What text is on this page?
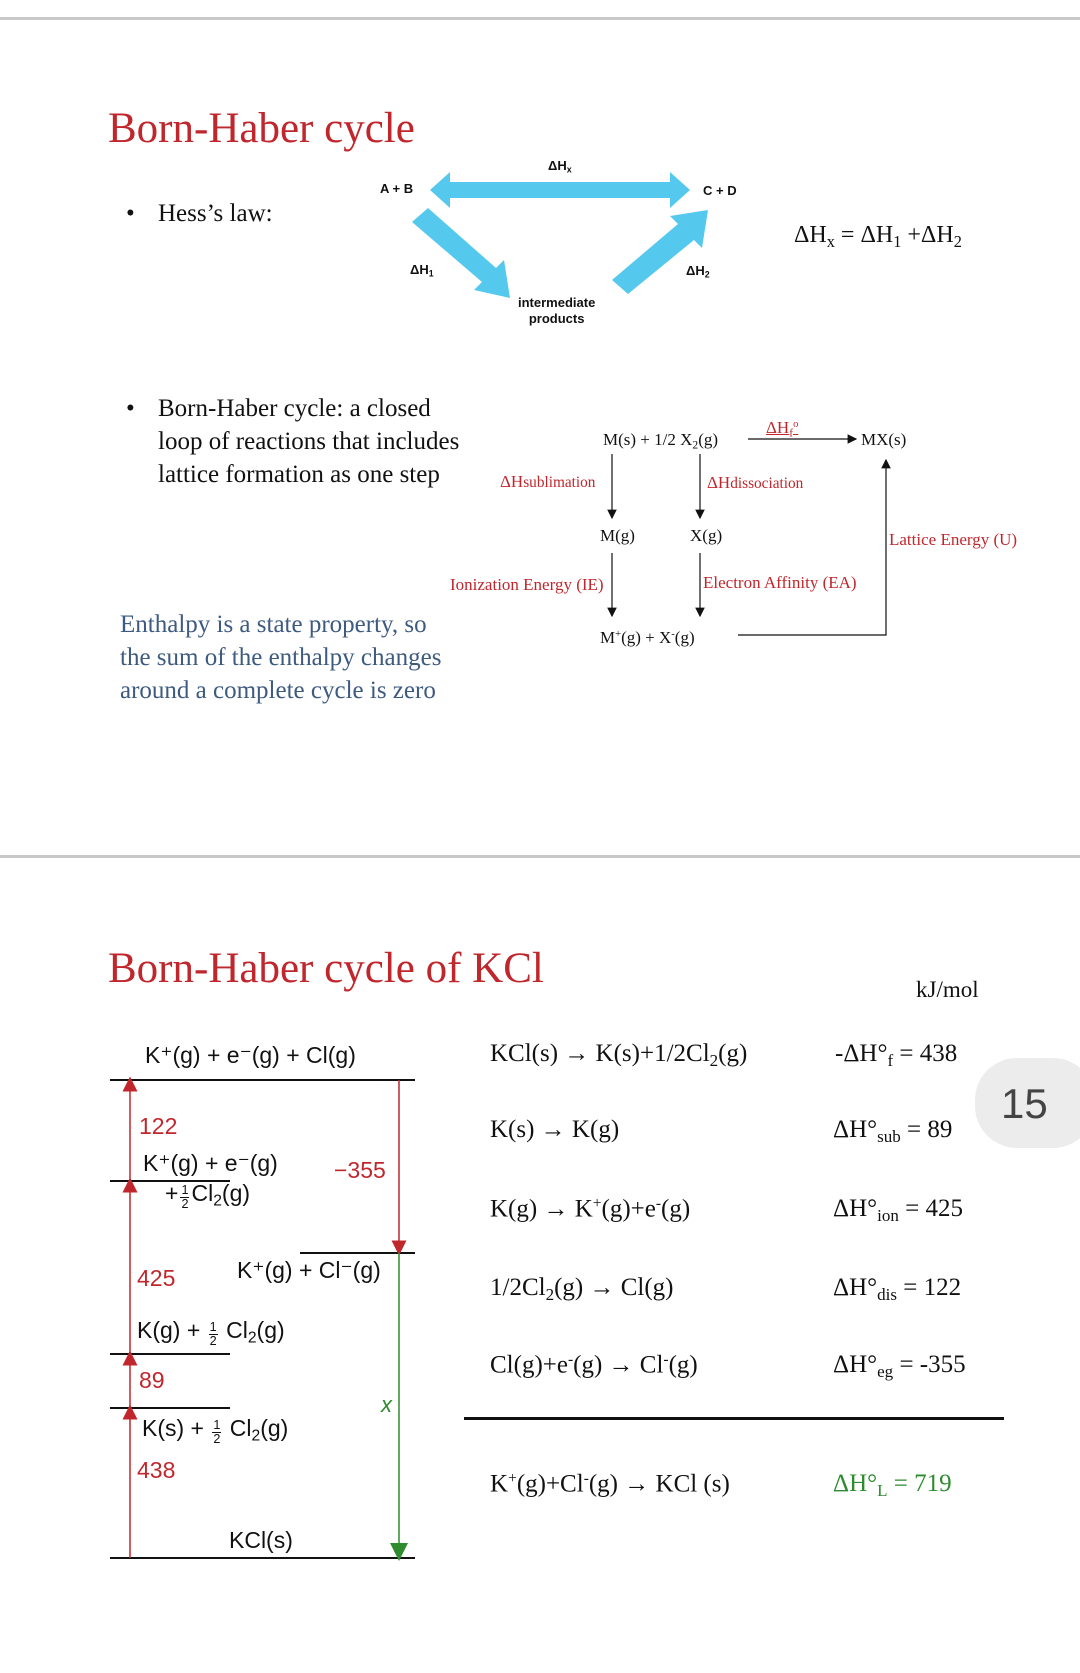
Born-Haber cycle
• Hess’s law:
A + B	C + D
$\Delta H_x$
$\Delta H_1$	$\Delta H_2$
intermediate
products
$\Delta H_x = \Delta H_1 +\Delta H_2$
• Born-Haber cycle: a closed loop of reactions that includes lattice formation as one step
M(s) + 1/2 $X_2(g)$
$\Delta H_f^o$
MX(s)
ΔHsublimation	ΔHdissociation
M(g)	X(g)	Lattice Energy (U)
Ionization Energy (IE)	Electron Affinity (EA)
M+(g) + X-(g)
Enthalpy is a state property, so the sum of the enthalpy changes around a complete cycle is zero
Born-Haber cycle of KCl	kJ/mol
K⁺(g) + e⁻(g) + Cl(g)
122
K⁺(g) + e⁻(g)
+ $\frac{1}{2} Cl_2(g)$
−355
425	K⁺(g) + Cl⁻(g)
$K(g) + \frac{1}{2} Cl_2(g)$
89
x
$K(s) + \frac{1}{2} Cl_2(g)$
438
KCl(s)
$KCl(s) \to K(s)+1/2Cl_2(g)$	$-\Delta H^\circ_f = 438$
K(s) → K(g)	$\Delta H^\circ_{sub} = 89$
K(g) → K+(g)+e-(g)	$\Delta H^\circ_{ion} = 425$
$1/2Cl_2(g) \to Cl(g)$	$\Delta H^\circ_{dis} = 122$
Cl(g)+e-(g) → Cl-(g)	$\Delta H^\circ_{eg} = -355$
K+(g)+Cl-(g) → KCl (s)	$\Delta H^\circ_L = 719$
15
